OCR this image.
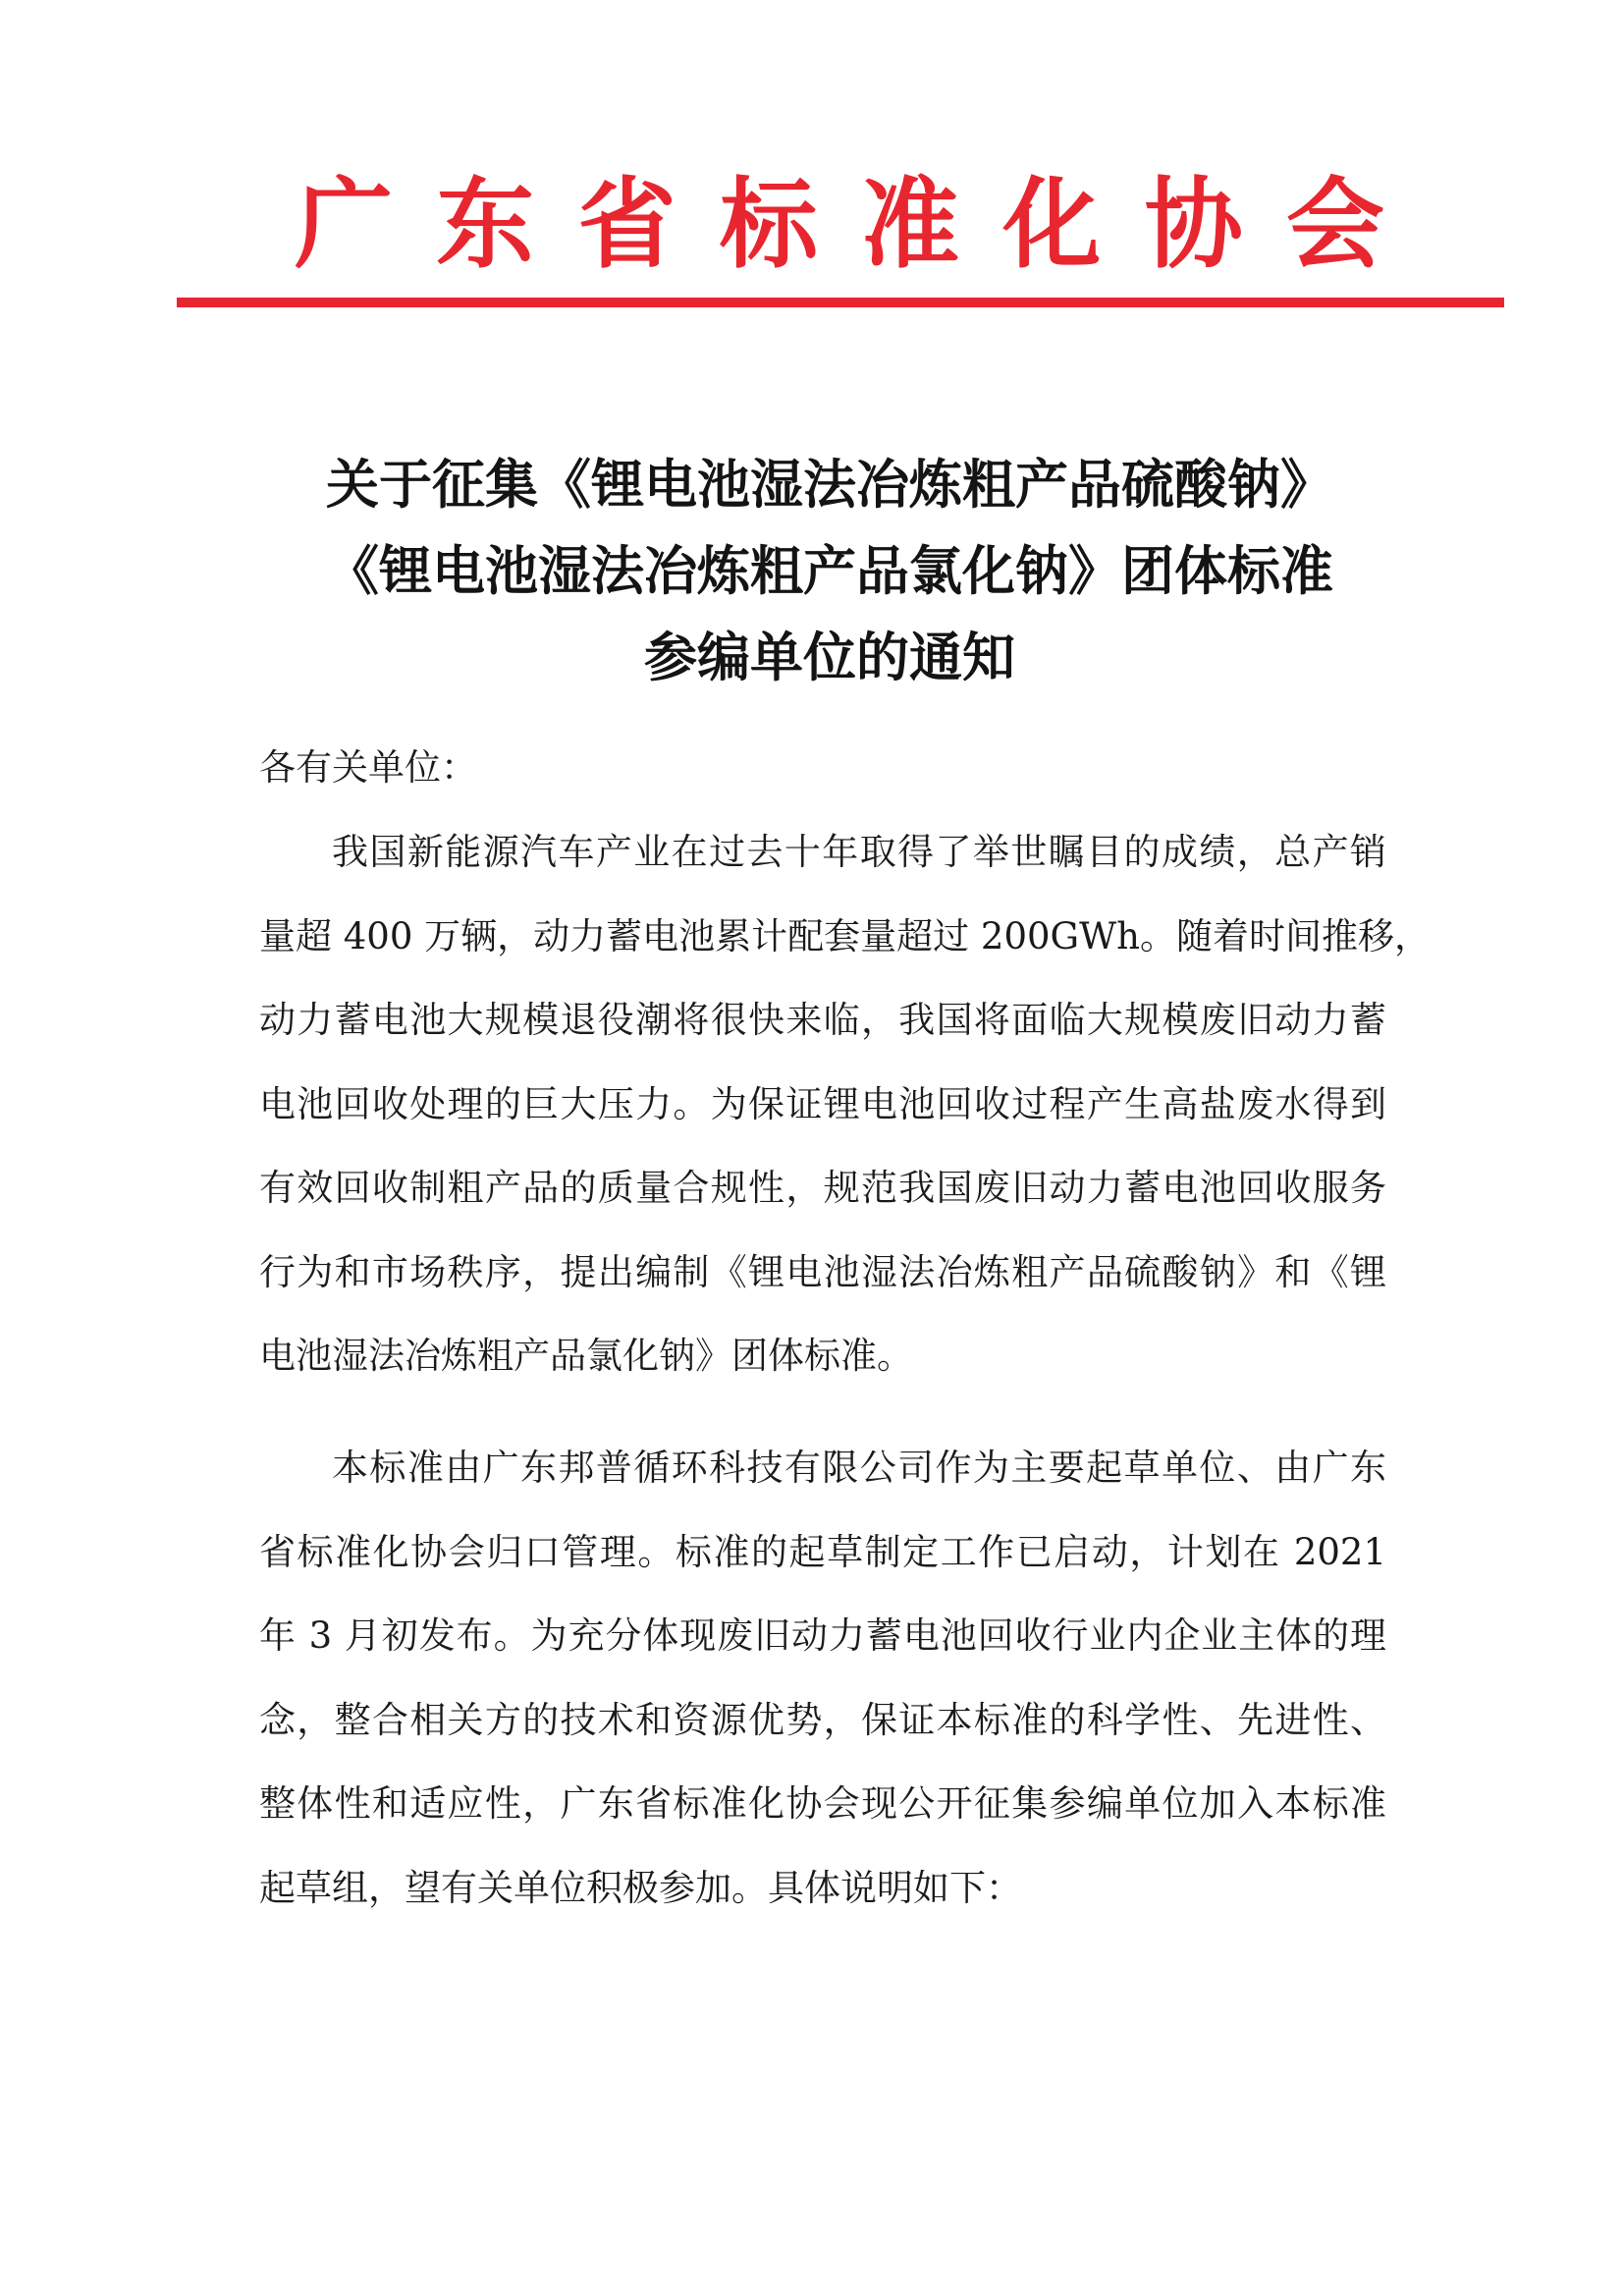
广 东 省 标 准 化 协 会
关于征集《锂电池湿法冶炼粗产品硫酸钠》
《锂电池湿法冶炼粗产品氯化钠》团体标准
参编单位的通知
各有关单位：
我国新能源汽车产业在过去十年取得了举世瞩目的成绩，总产销
量超 400 万辆，动力蓄电池累计配套量超过 200GWh。随着时间推移，
动力蓄电池大规模退役潮将很快来临，我国将面临大规模废旧动力蓄
电池回收处理的巨大压力。为保证锂电池回收过程产生高盐废水得到
有效回收制粗产品的质量合规性，规范我国废旧动力蓄电池回收服务
行为和市场秩序，提出编制《锂电池湿法冶炼粗产品硫酸钠》和《锂
电池湿法冶炼粗产品氯化钠》团体标准。
本标准由广东邦普循环科技有限公司作为主要起草单位、由广东
省标准化协会归口管理。标准的起草制定工作已启动，计划在 2021
年 3 月初发布。为充分体现废旧动力蓄电池回收行业内企业主体的理
念，整合相关方的技术和资源优势，保证本标准的科学性、先进性、
整体性和适应性，广东省标准化协会现公开征集参编单位加入本标准
起草组，望有关单位积极参加。具体说明如下：
